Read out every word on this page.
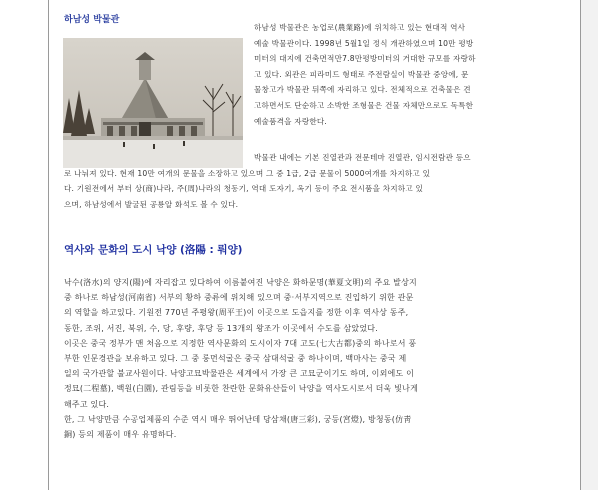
하남성 박물관
하남성 박물관은 농업로(農業路)에 위치하고 있는 현대적 역사
예술 박물관이다. 1998년 5월1일 정식 개관하였으며 10만 평방
미터의 대지에 건축면적만7.8만평방미터의 거대한 규모를 자랑하
고 있다. 외관은 피라미드 형태로 주전람실이 박물관 중앙에, 문
물창고가 박물관 뒤쪽에 자리하고 있다. 전체적으로 건축물은 견
고하면서도 단순하고 소박한 조형물은 건물 자체만으로도 독특한
예술품격을 자랑한다.
박물관 내에는 기본 진열관과 전문테마 진열관, 임시전람관 등으
로 나눠져 있다. 현재 10만 여개의 문물을 소장하고 있으며 그 중 1급, 2급 문물이 5000여개를 차지하고 있
다. 기원전에서 부터 상(商)나라, 주(周)나라의 청동기, 역대 도자기, 옥기 등이 주요 전시품을 차지하고 있
으며, 하남성에서 발굴된 공룡알 화석도 볼 수 있다.
역사와 문화의 도시 낙양 (洛陽 : 뤄양)
낙수(洛水)의 양지(陽)에 자리잡고 있다하여 이름붙여진 낙양은 화하문명(華夏文明)의 주요 발상지
중 하나로 하남성(河南省) 서부의 황하 중류에 위치해 있으며 중·서부지역으로 진입하기 위한 관문
의 역할을 하고있다. 기원전 770년 주평왕(周平王)이 이곳으로 도읍지를 정한 이후 역사상 동주,
동한, 조위, 서진, 북위, 수, 당, 후량, 후당 등 13개의 왕조가 이곳에서 수도를 삼았었다.
이곳은 중국 정부가 맨 처음으로 지정한 역사문화의 도시이자 7대 고도(七大古都)중의 하나로서 풍
부한 인문경관을 보유하고 있다. 그 중 룽먼석굴은 중국 삼대석굴 중 하나이며, 백마사는 중국 제
일의 국가관할 불교사원이다. 낙양고묘박물관은 세계에서 가장 큰 고묘군이기도 하며, 이외에도 이
정묘(二程墓), 백원(白園), 관림등을 비롯한 찬란한 문화유산들이 낙양을 역사도시로서 더욱 빛나게
해주고 있다.
한, 그 낙양만큼 수공업제품의 수준 역시 매우 뛰어난데 당삼채(唐三彩), 궁등(宮燈), 방청동(仿靑
銅) 등의 제품이 매우 유명하다.
